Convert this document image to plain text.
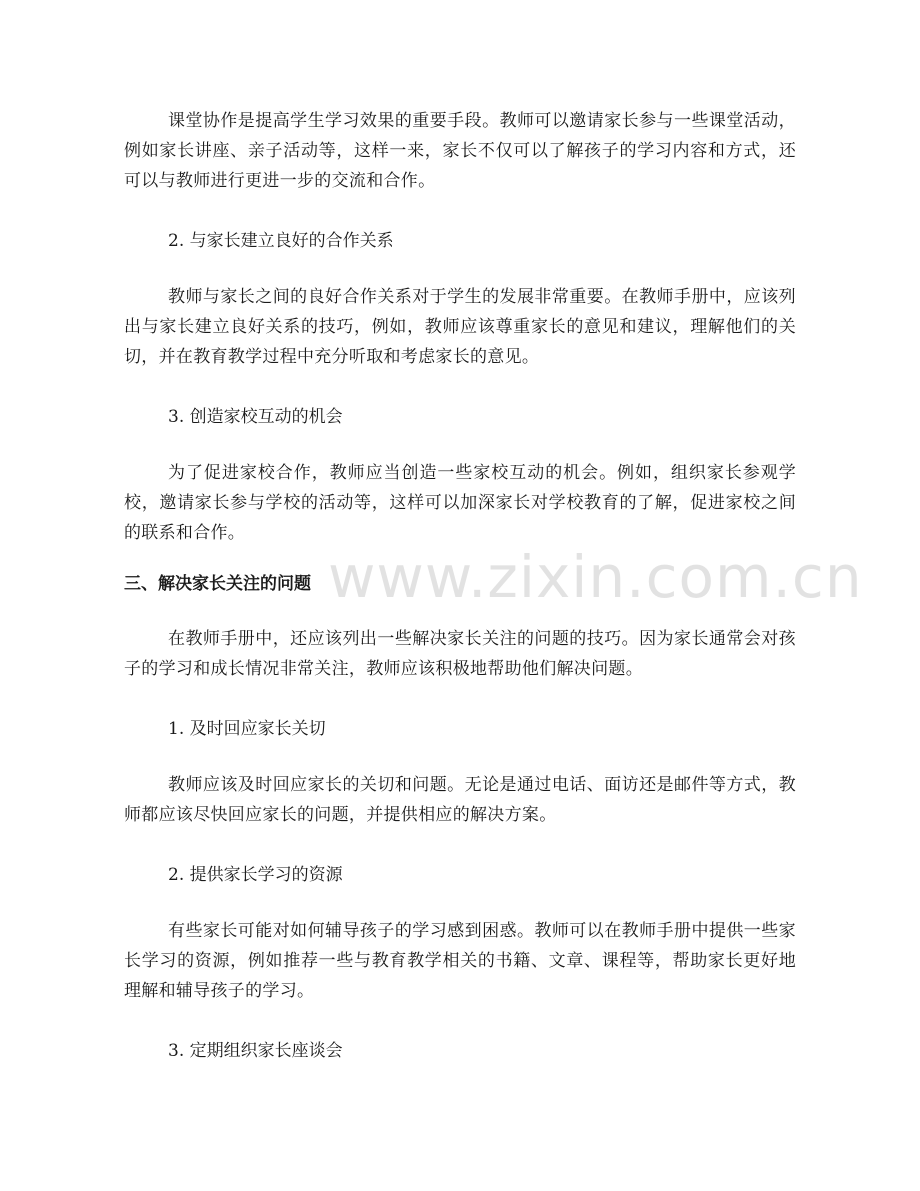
www.zixin.com.cn

课堂协作是提高学生学习效果的重要手段。教师可以邀请家长参与一些课堂活动，例如家长讲座、亲子活动等，这样一来，家长不仅可以了解孩子的学习内容和方式，还可以与教师进行更进一步的交流和合作。

2. 与家长建立良好的合作关系

教师与家长之间的良好合作关系对于学生的发展非常重要。在教师手册中，应该列出与家长建立良好关系的技巧，例如，教师应该尊重家长的意见和建议，理解他们的关切，并在教育教学过程中充分听取和考虑家长的意见。

3. 创造家校互动的机会

为了促进家校合作，教师应当创造一些家校互动的机会。例如，组织家长参观学校，邀请家长参与学校的活动等，这样可以加深家长对学校教育的了解，促进家校之间的联系和合作。

三、解决家长关注的问题

在教师手册中，还应该列出一些解决家长关注的问题的技巧。因为家长通常会对孩子的学习和成长情况非常关注，教师应该积极地帮助他们解决问题。

1. 及时回应家长关切

教师应该及时回应家长的关切和问题。无论是通过电话、面访还是邮件等方式，教师都应该尽快回应家长的问题，并提供相应的解决方案。

2. 提供家长学习的资源

有些家长可能对如何辅导孩子的学习感到困惑。教师可以在教师手册中提供一些家长学习的资源，例如推荐一些与教育教学相关的书籍、文章、课程等，帮助家长更好地理解和辅导孩子的学习。

3. 定期组织家长座谈会
